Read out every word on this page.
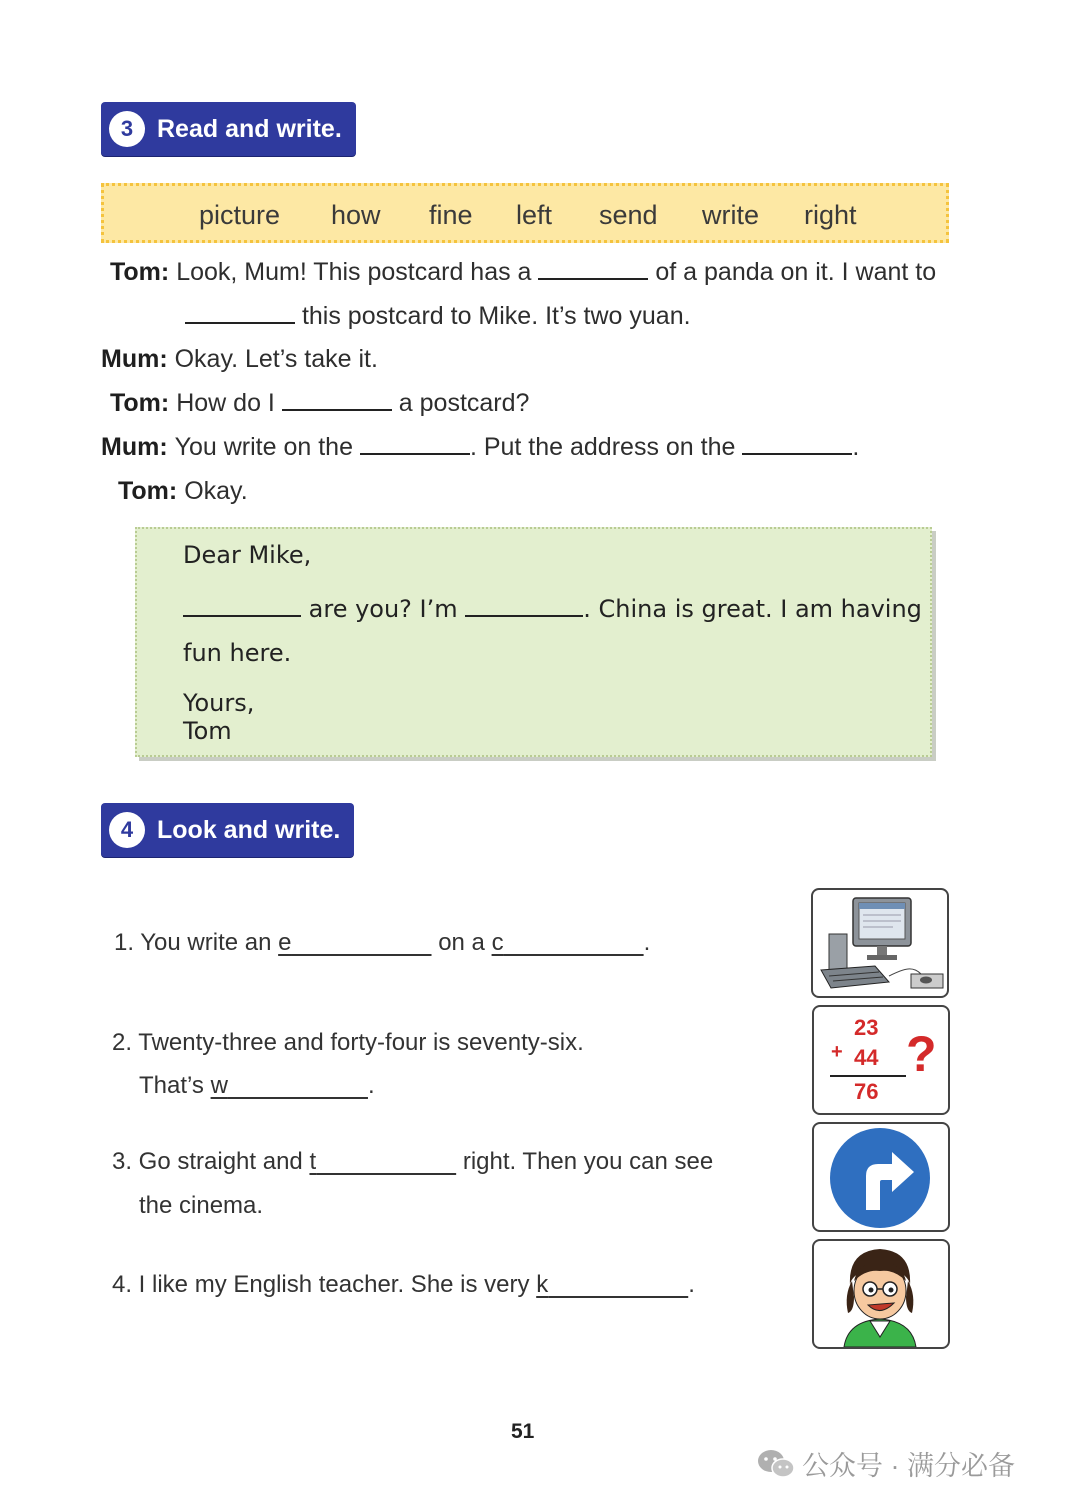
3 Read and write.
picture how fine left send write right
Tom: Look, Mum! This postcard has a	of a panda on it. I want to
this postcard to Mike. It’s two yuan.
Mum: Okay. Let’s take it.
Tom: How do I	a postcard?
Mum: You write on the	. Put the address on the	.
Tom: Okay.
Dear Mike,
are you? I’m	. China is great. I am having
fun here.
Yours,
Tom
4 Look and write.
1. You write an e	on a c	.
2. Twenty-three and forty-four is seventy-six.
That’s w	.
3. Go straight and t	right. Then you can see
the cinema.
4. I like my English teacher. She is very k	.
23
+ 44
76
?
51
公众号 · 满分必备
